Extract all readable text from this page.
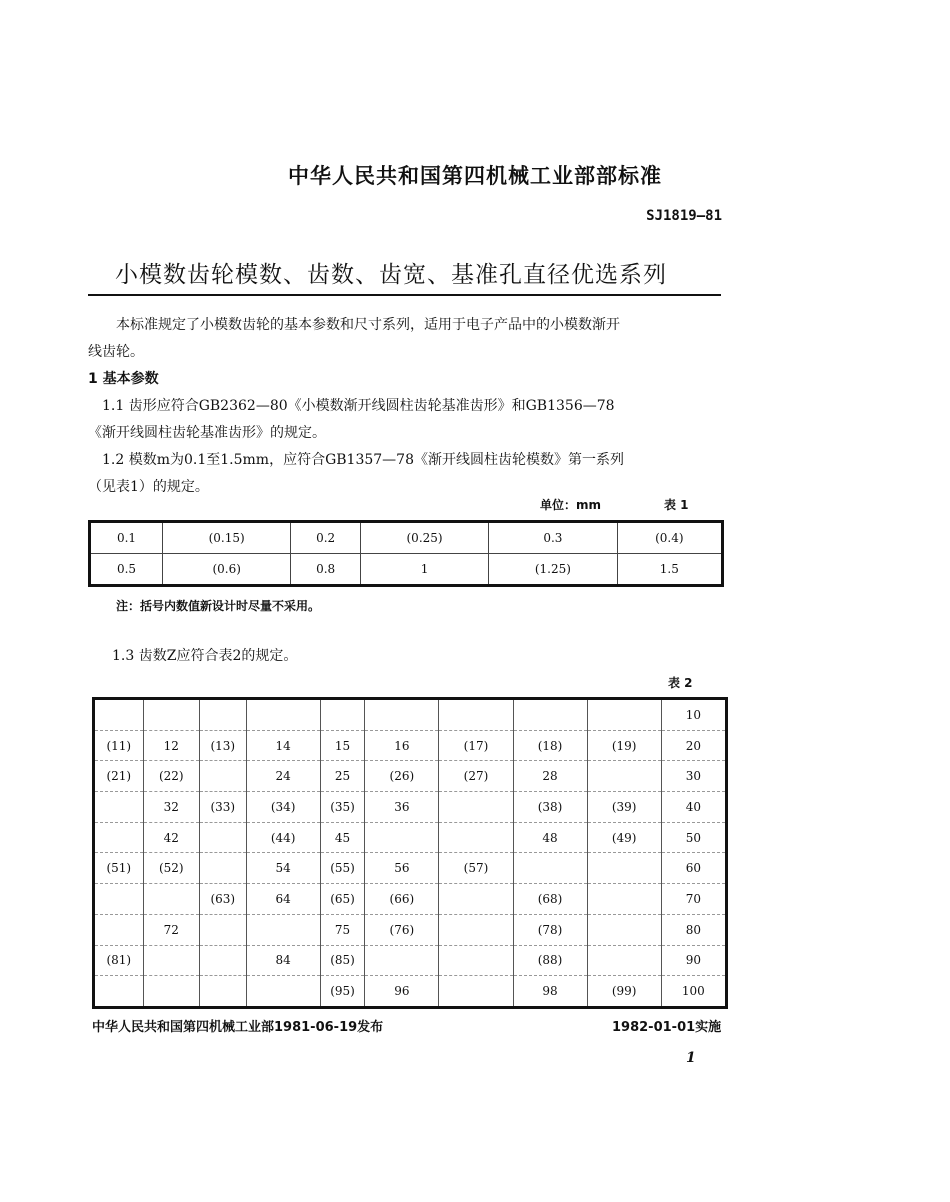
中华人民共和国第四机械工业部部标准
SJ1819—81
小模数齿轮模数、齿数、齿宽、基准孔直径优选系列
本标准规定了小模数齿轮的基本参数和尺寸系列，适用于电子产品中的小模数渐开
线齿轮。
1 基本参数
1.1 齿形应符合GB2362—80《小模数渐开线圆柱齿轮基准齿形》和GB1356—78
《渐开线圆柱齿轮基准齿形》的规定。
1.2 模数m为0.1至1.5mm，应符合GB1357—78《渐开线圆柱齿轮模数》第一系列
（见表1）的规定。
单位：mm	表 1
0.1	(0.15)	0.2	(0.25)	0.3	(0.4)
0.5	(0.6)	0.8	1	(1.25)	1.5
注：括号内数值新设计时尽量不采用。
1.3 齿数Z应符合表2的规定。
表 2
									10
(11)	12	(13)	14	15	16	(17)	(18)	(19)	20
(21)	(22)		24	25	(26)	(27)	28		30
	32	(33)	(34)	(35)	36		(38)	(39)	40
	42		(44)	45			48	(49)	50
(51)	(52)		54	(55)	56	(57)			60
		(63)	64	(65)	(66)		(68)		70
	72			75	(76)		(78)		80
(81)			84	(85)			(88)		90
				(95)	96		98	(99)	100
中华人民共和国第四机械工业部1981-06-19发布	1982-01-01实施
1
